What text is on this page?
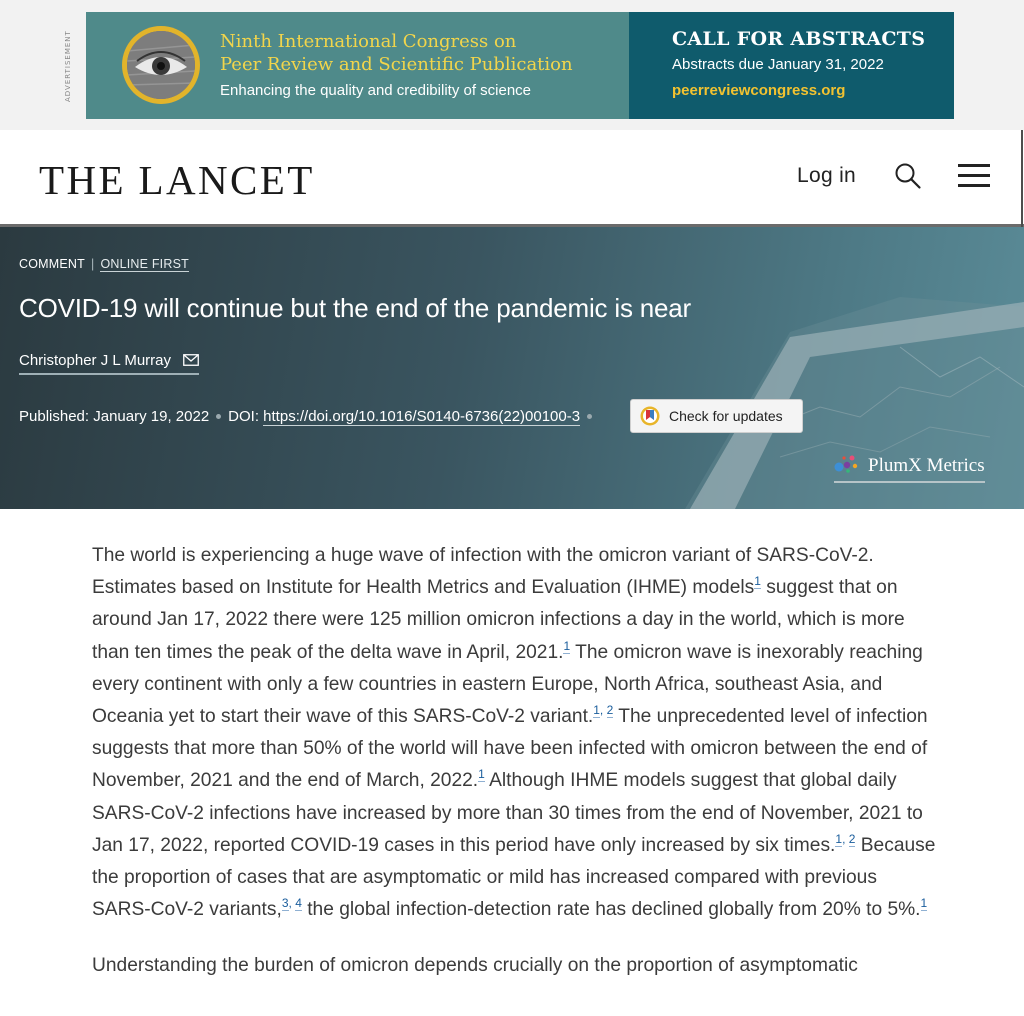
ADVERTISEMENT	Ninth International Congress on
Peer Review and Scientific Publication
Enhancing the quality and credibility of science
CALL FOR ABSTRACTS
Abstracts due January 31, 2022
peerreviewcongress.org
THE LANCET	Log in
COMMENT | ONLINE FIRST
COVID-19 will continue but the end of the pandemic is near
Christopher J L Murray
Published: January 19, 2022 DOI: https://doi.org/10.1016/S0140-6736(22)00100-3	Check for updates
PlumX Metrics

The world is experiencing a huge wave of infection with the omicron variant of SARS-CoV-2. Estimates based on Institute for Health Metrics and Evaluation (IHME) models$^1$ suggest that on around Jan 17, 2022 there were 125 million omicron infections a day in the world, which is more than ten times the peak of the delta wave in April, 2021.$^1$ The omicron wave is inexorably reaching every continent with only a few countries in eastern Europe, North Africa, southeast Asia, and Oceania yet to start their wave of this SARS-CoV-2 variant.$^{1, 2}$ The unprecedented level of infection suggests that more than 50% of the world will have been infected with omicron between the end of November, 2021 and the end of March, 2022.$^1$ Although IHME models suggest that global daily SARS-CoV-2 infections have increased by more than 30 times from the end of November, 2021 to Jan 17, 2022, reported COVID-19 cases in this period have only increased by six times.$^{1, 2}$ Because the proportion of cases that are asymptomatic or mild has increased compared with previous SARS-CoV-2 variants,$^{3, 4}$ the global infection-detection rate has declined globally from 20% to 5%.$^1$

Understanding the burden of omicron depends crucially on the proportion of asymptomatic
